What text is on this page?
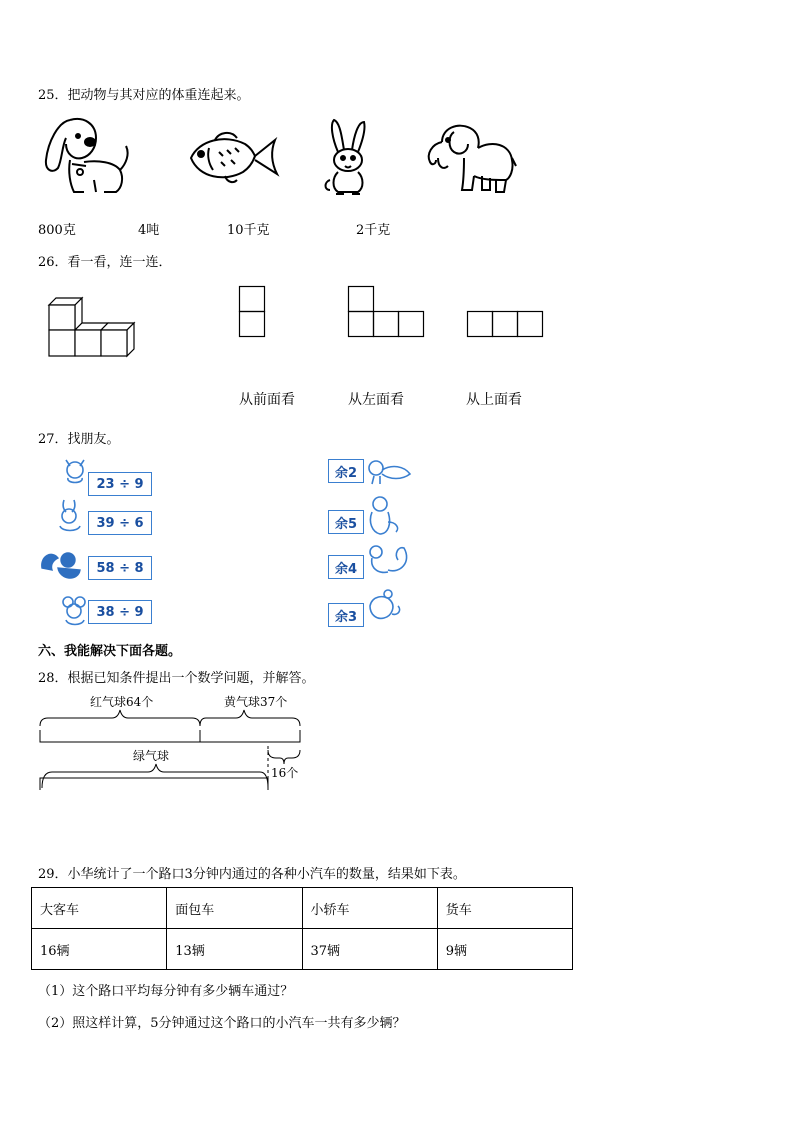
25．把动物与其对应的体重连起来。
800克	4吨	10千克	2千克
26．看一看，连一连．
从前面看	从左面看	从上面看
27．找朋友。
23 ÷ 9
39 ÷ 6
58 ÷ 8
38 ÷ 9
余2
余5
余4
余3
六、我能解决下面各题。
28．根据已知条件提出一个数学问题，并解答。
红气球64个	黄气球37个
绿气球
16个
29．小华统计了一个路口3分钟内通过的各种小汽车的数量，结果如下表。
大客车	面包车	小轿车	货车
16辆	13辆	37辆	9辆
（1）这个路口平均每分钟有多少辆车通过？
（2）照这样计算，5分钟通过这个路口的小汽车一共有多少辆？
